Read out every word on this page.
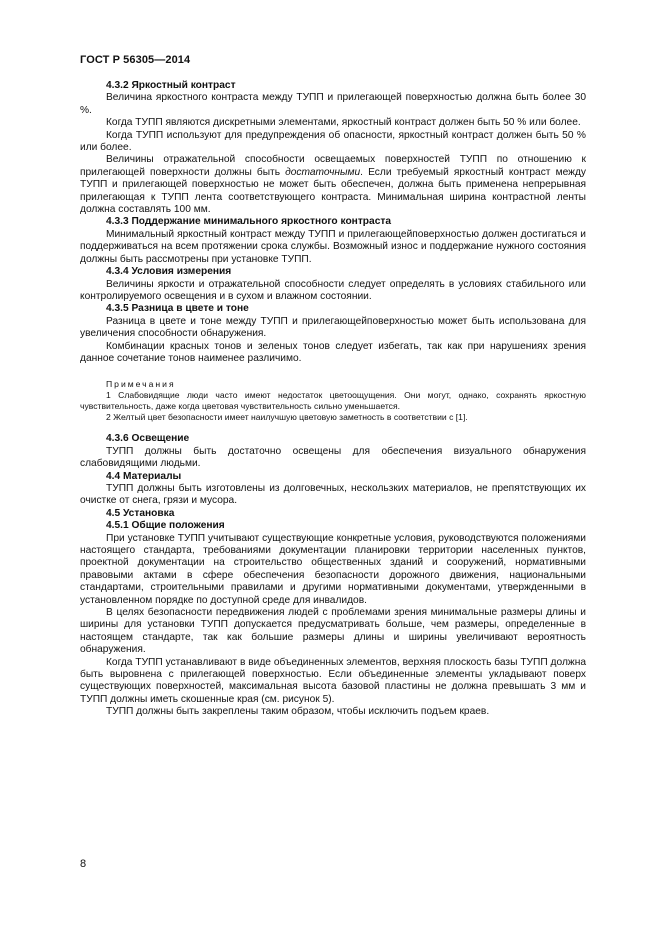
ГОСТ Р 56305—2014
4.3.2 Яркостный контраст

Величина яркостного контраста между ТУПП и прилегающей поверхностью должна быть более 30 %.

Когда ТУПП являются дискретными элементами, яркостный контраст должен быть 50 % или более.

Когда ТУПП используют для предупреждения об опасности, яркостный контраст должен быть 50 % или более.

Величины отражательной способности освещаемых поверхностей ТУПП по отношению к прилегающей поверхности должны быть достаточными. Если требуемый яркостный контраст между ТУПП и прилегающей поверхностью не может быть обеспечен, должна быть применена непрерывная прилегающая к ТУПП лента соответствующего контраста. Минимальная ширина контрастной ленты должна составлять 100 мм.

4.3.3 Поддержание минимального яркостного контраста

Минимальный яркостный контраст между ТУПП и прилегающейповерхностью должен достигаться и поддерживаться на всем протяжении срока службы. Возможный износ и поддержание нужного состояния должны быть рассмотрены при установке ТУПП.

4.3.4 Условия измерения

Величины яркости и отражательной способности следует определять в условиях стабильного или контролируемого освещения и в сухом и влажном состоянии.

4.3.5 Разница в цвете и тоне

Разница в цвете и тоне между ТУПП и прилегающейповерхностью может быть использована для увеличения способности обнаружения.

Комбинации красных тонов и зеленых тонов следует избегать, так как при нарушениях зрения данное сочетание тонов наименее различимо.

Примечания

1 Слабовидящие люди часто имеют недостаток цветоощущения. Они могут, однако, сохранять яркостную чувствительность, даже когда цветовая чувствительность сильно уменьшается.

2 Желтый цвет безопасности имеет наилучшую цветовую заметность в соответствии с [1].

4.3.6 Освещение

ТУПП должны быть достаточно освещены для обеспечения визуального обнаружения слабовидящими людьми.

4.4 Материалы

ТУПП должны быть изготовлены из долговечных, нескользких материалов, не препятствующих их очистке от снега, грязи и мусора.

4.5 Установка
4.5.1 Общие положения

При установке ТУПП учитывают существующие конкретные условия, руководствуются положениями настоящего стандарта, требованиями документации планировки территории населенных пунктов, проектной документации на строительство общественных зданий и сооружений, нормативными правовыми актами в сфере обеспечения безопасности дорожного движения, национальными стандартами, строительными правилами и другими нормативными документами, утвержденными в установленном порядке по доступной среде для инвалидов.

В целях безопасности передвижения людей с проблемами зрения минимальные размеры длины и ширины для установки ТУПП допускается предусматривать больше, чем размеры, определенные в настоящем стандарте, так как большие размеры длины и ширины увеличивают вероятность обнаружения.

Когда ТУПП устанавливают в виде объединенных элементов, верхняя плоскость базы ТУПП должна быть выровнена с прилегающей поверхностью. Если объединенные элементы укладывают поверх существующих поверхностей, максимальная высота базовой пластины не должна превышать 3 мм и ТУПП должны иметь скошенные края (см. рисунок 5).

ТУПП должны быть закреплены таким образом, чтобы исключить подъем краев.

8
